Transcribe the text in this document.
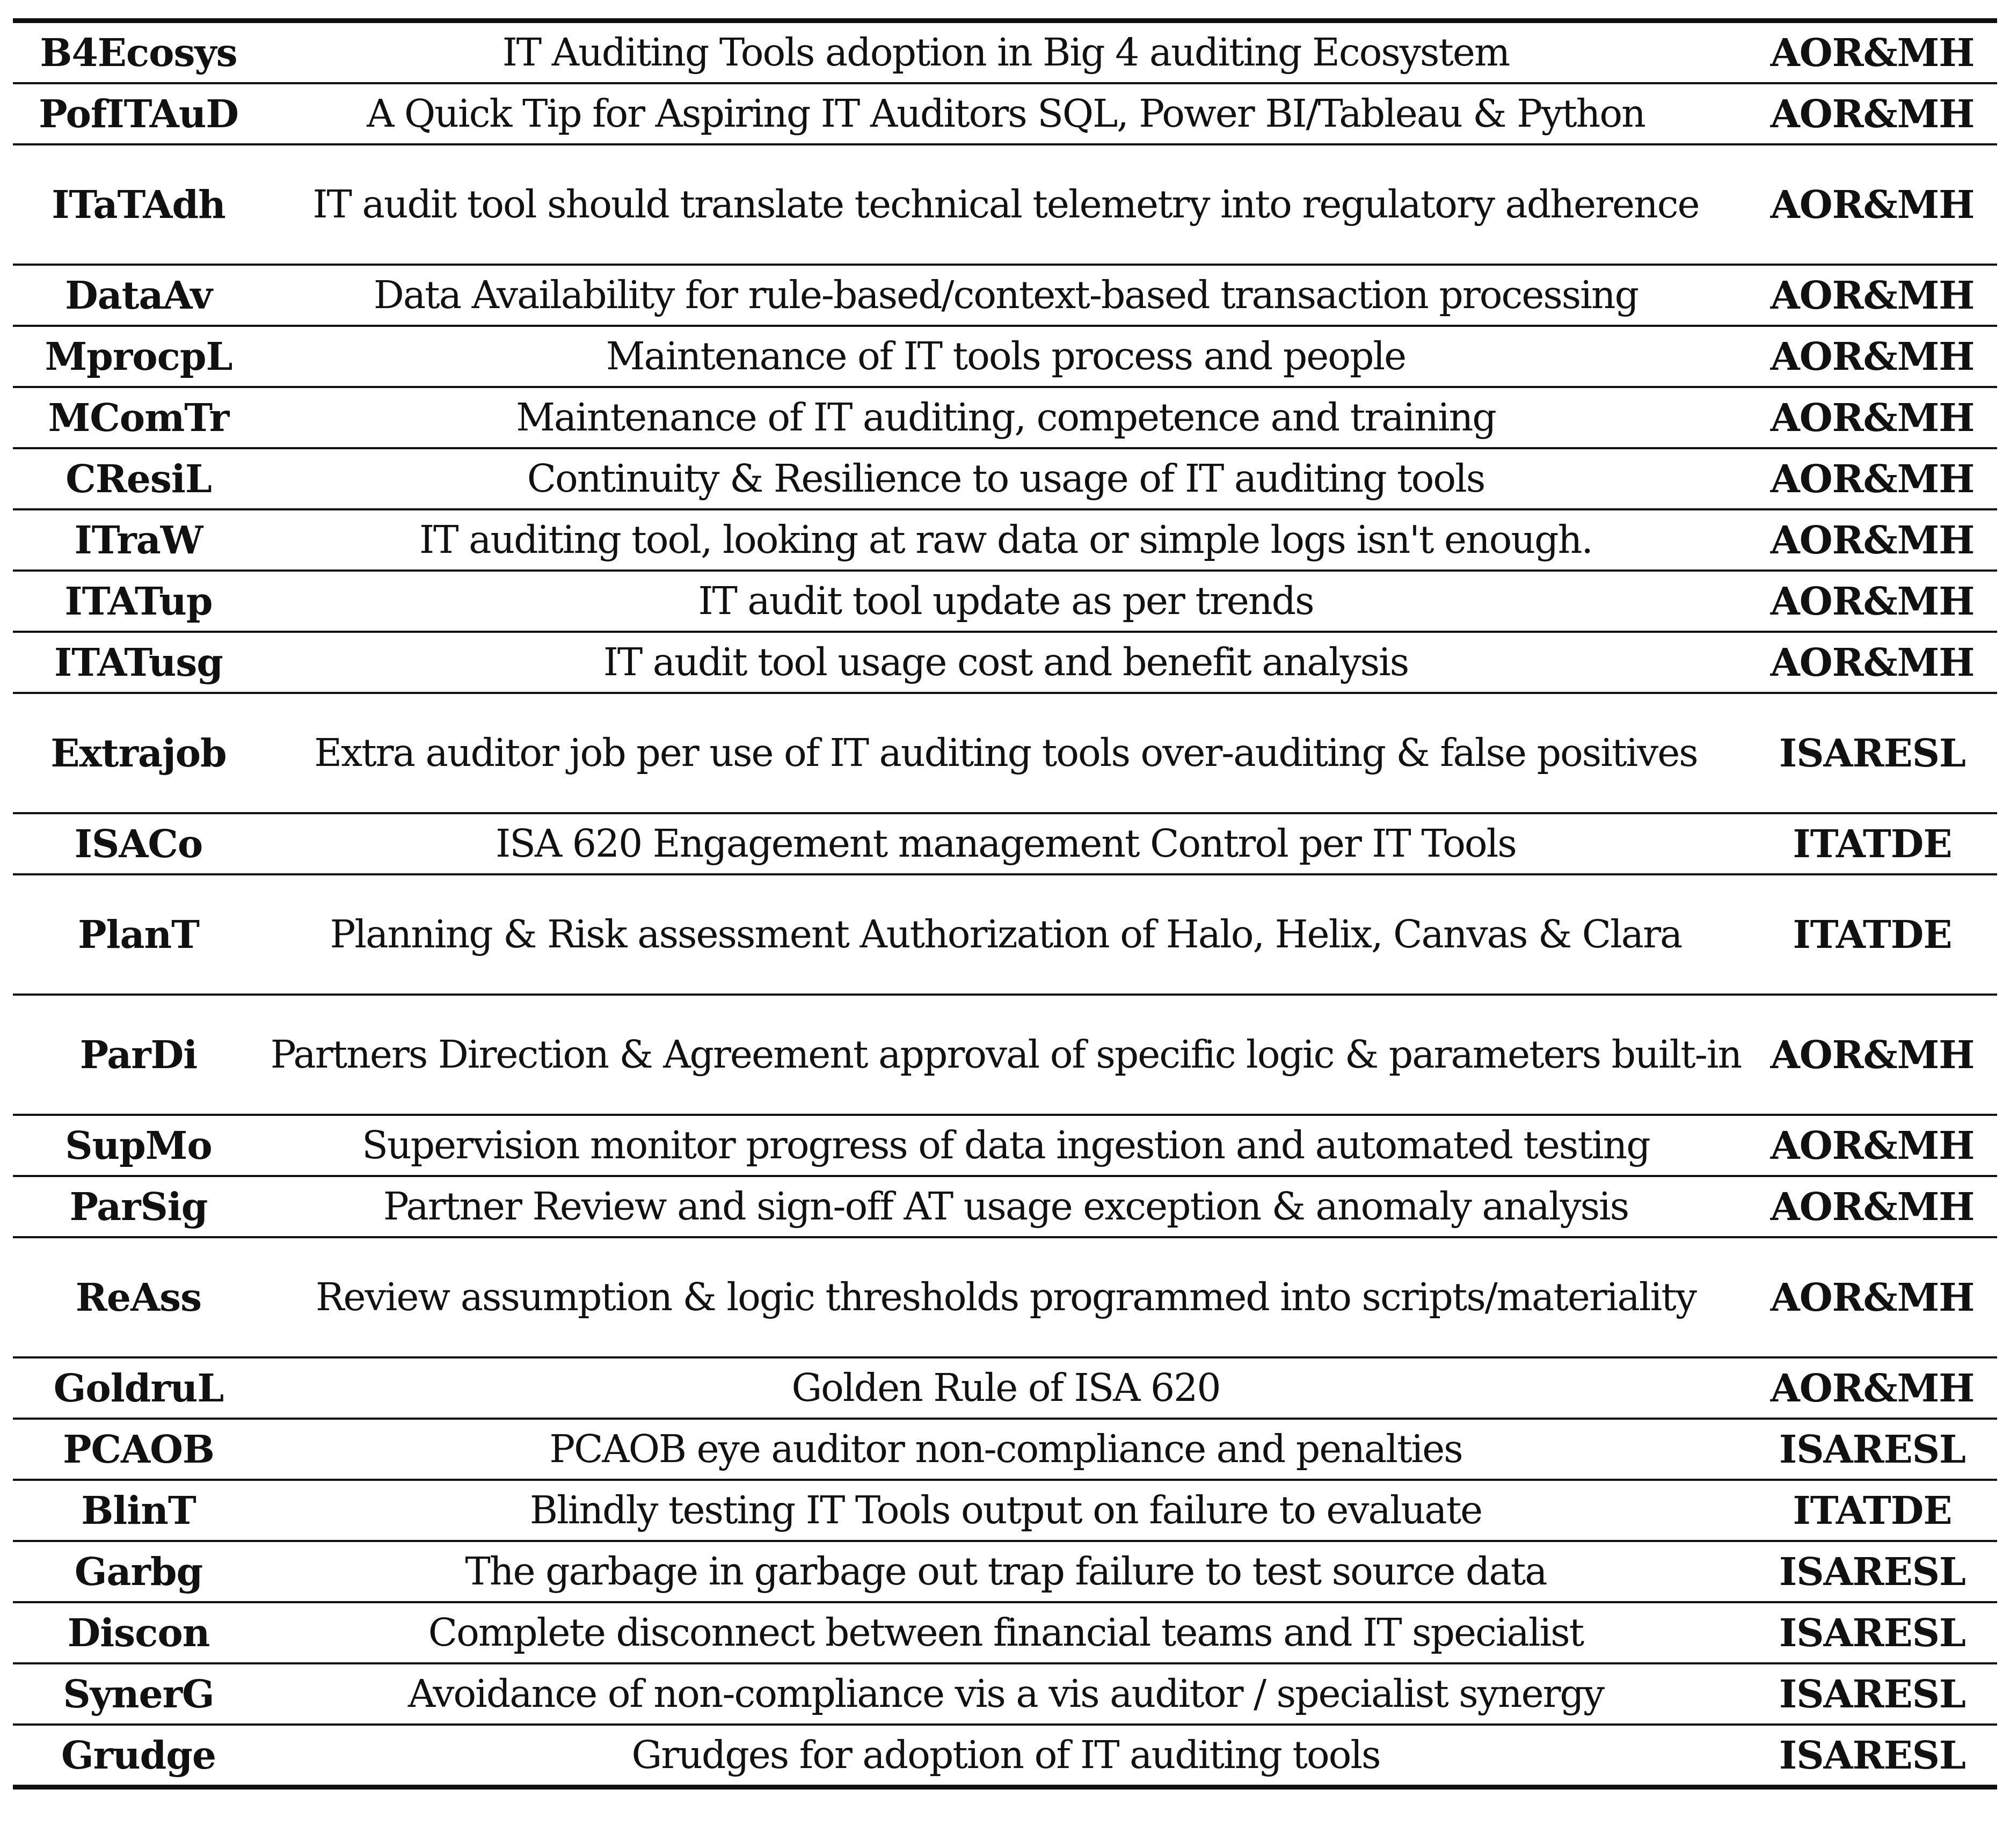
B4Ecosys	IT Auditing Tools adoption in Big 4 auditing Ecosystem	AOR&MH
PofITAuD	A Quick Tip for Aspiring IT Auditors SQL, Power BI/Tableau & Python	AOR&MH
ITaTAdh	IT audit tool should translate technical telemetry into regulatory adherence	AOR&MH
DataAv	Data Availability for rule-based/context-based transaction processing	AOR&MH
MprocpL	Maintenance of IT tools process and people	AOR&MH
MComTr	Maintenance of IT auditing, competence and training	AOR&MH
CResiL	Continuity & Resilience to usage of IT auditing tools	AOR&MH
ITraW	IT auditing tool, looking at raw data or simple logs isn't enough.	AOR&MH
ITATup	IT audit tool update as per trends	AOR&MH
ITATusg	IT audit tool usage cost and benefit analysis	AOR&MH
Extrajob	Extra auditor job per use of IT auditing tools over-auditing & false positives	ISARESL
ISACo	ISA 620 Engagement management Control per IT Tools	ITATDE
PlanT	Planning & Risk assessment Authorization of Halo, Helix, Canvas & Clara	ITATDE
ParDi	Partners Direction & Agreement approval of specific logic & parameters built-in	AOR&MH
SupMo	Supervision monitor progress of data ingestion and automated testing	AOR&MH
ParSig	Partner Review and sign-off AT usage exception & anomaly analysis	AOR&MH
ReAss	Review assumption & logic thresholds programmed into scripts/materiality	AOR&MH
GoldruL	Golden Rule of ISA 620	AOR&MH
PCAOB	PCAOB eye auditor non-compliance and penalties	ISARESL
BlinT	Blindly testing IT Tools output on failure to evaluate	ITATDE
Garbg	The garbage in garbage out trap failure to test source data	ISARESL
Discon	Complete disconnect between financial teams and IT specialist	ISARESL
SynerG	Avoidance of non-compliance vis a vis auditor / specialist synergy	ISARESL
Grudge	Grudges for adoption of IT auditing tools	ISARESL
